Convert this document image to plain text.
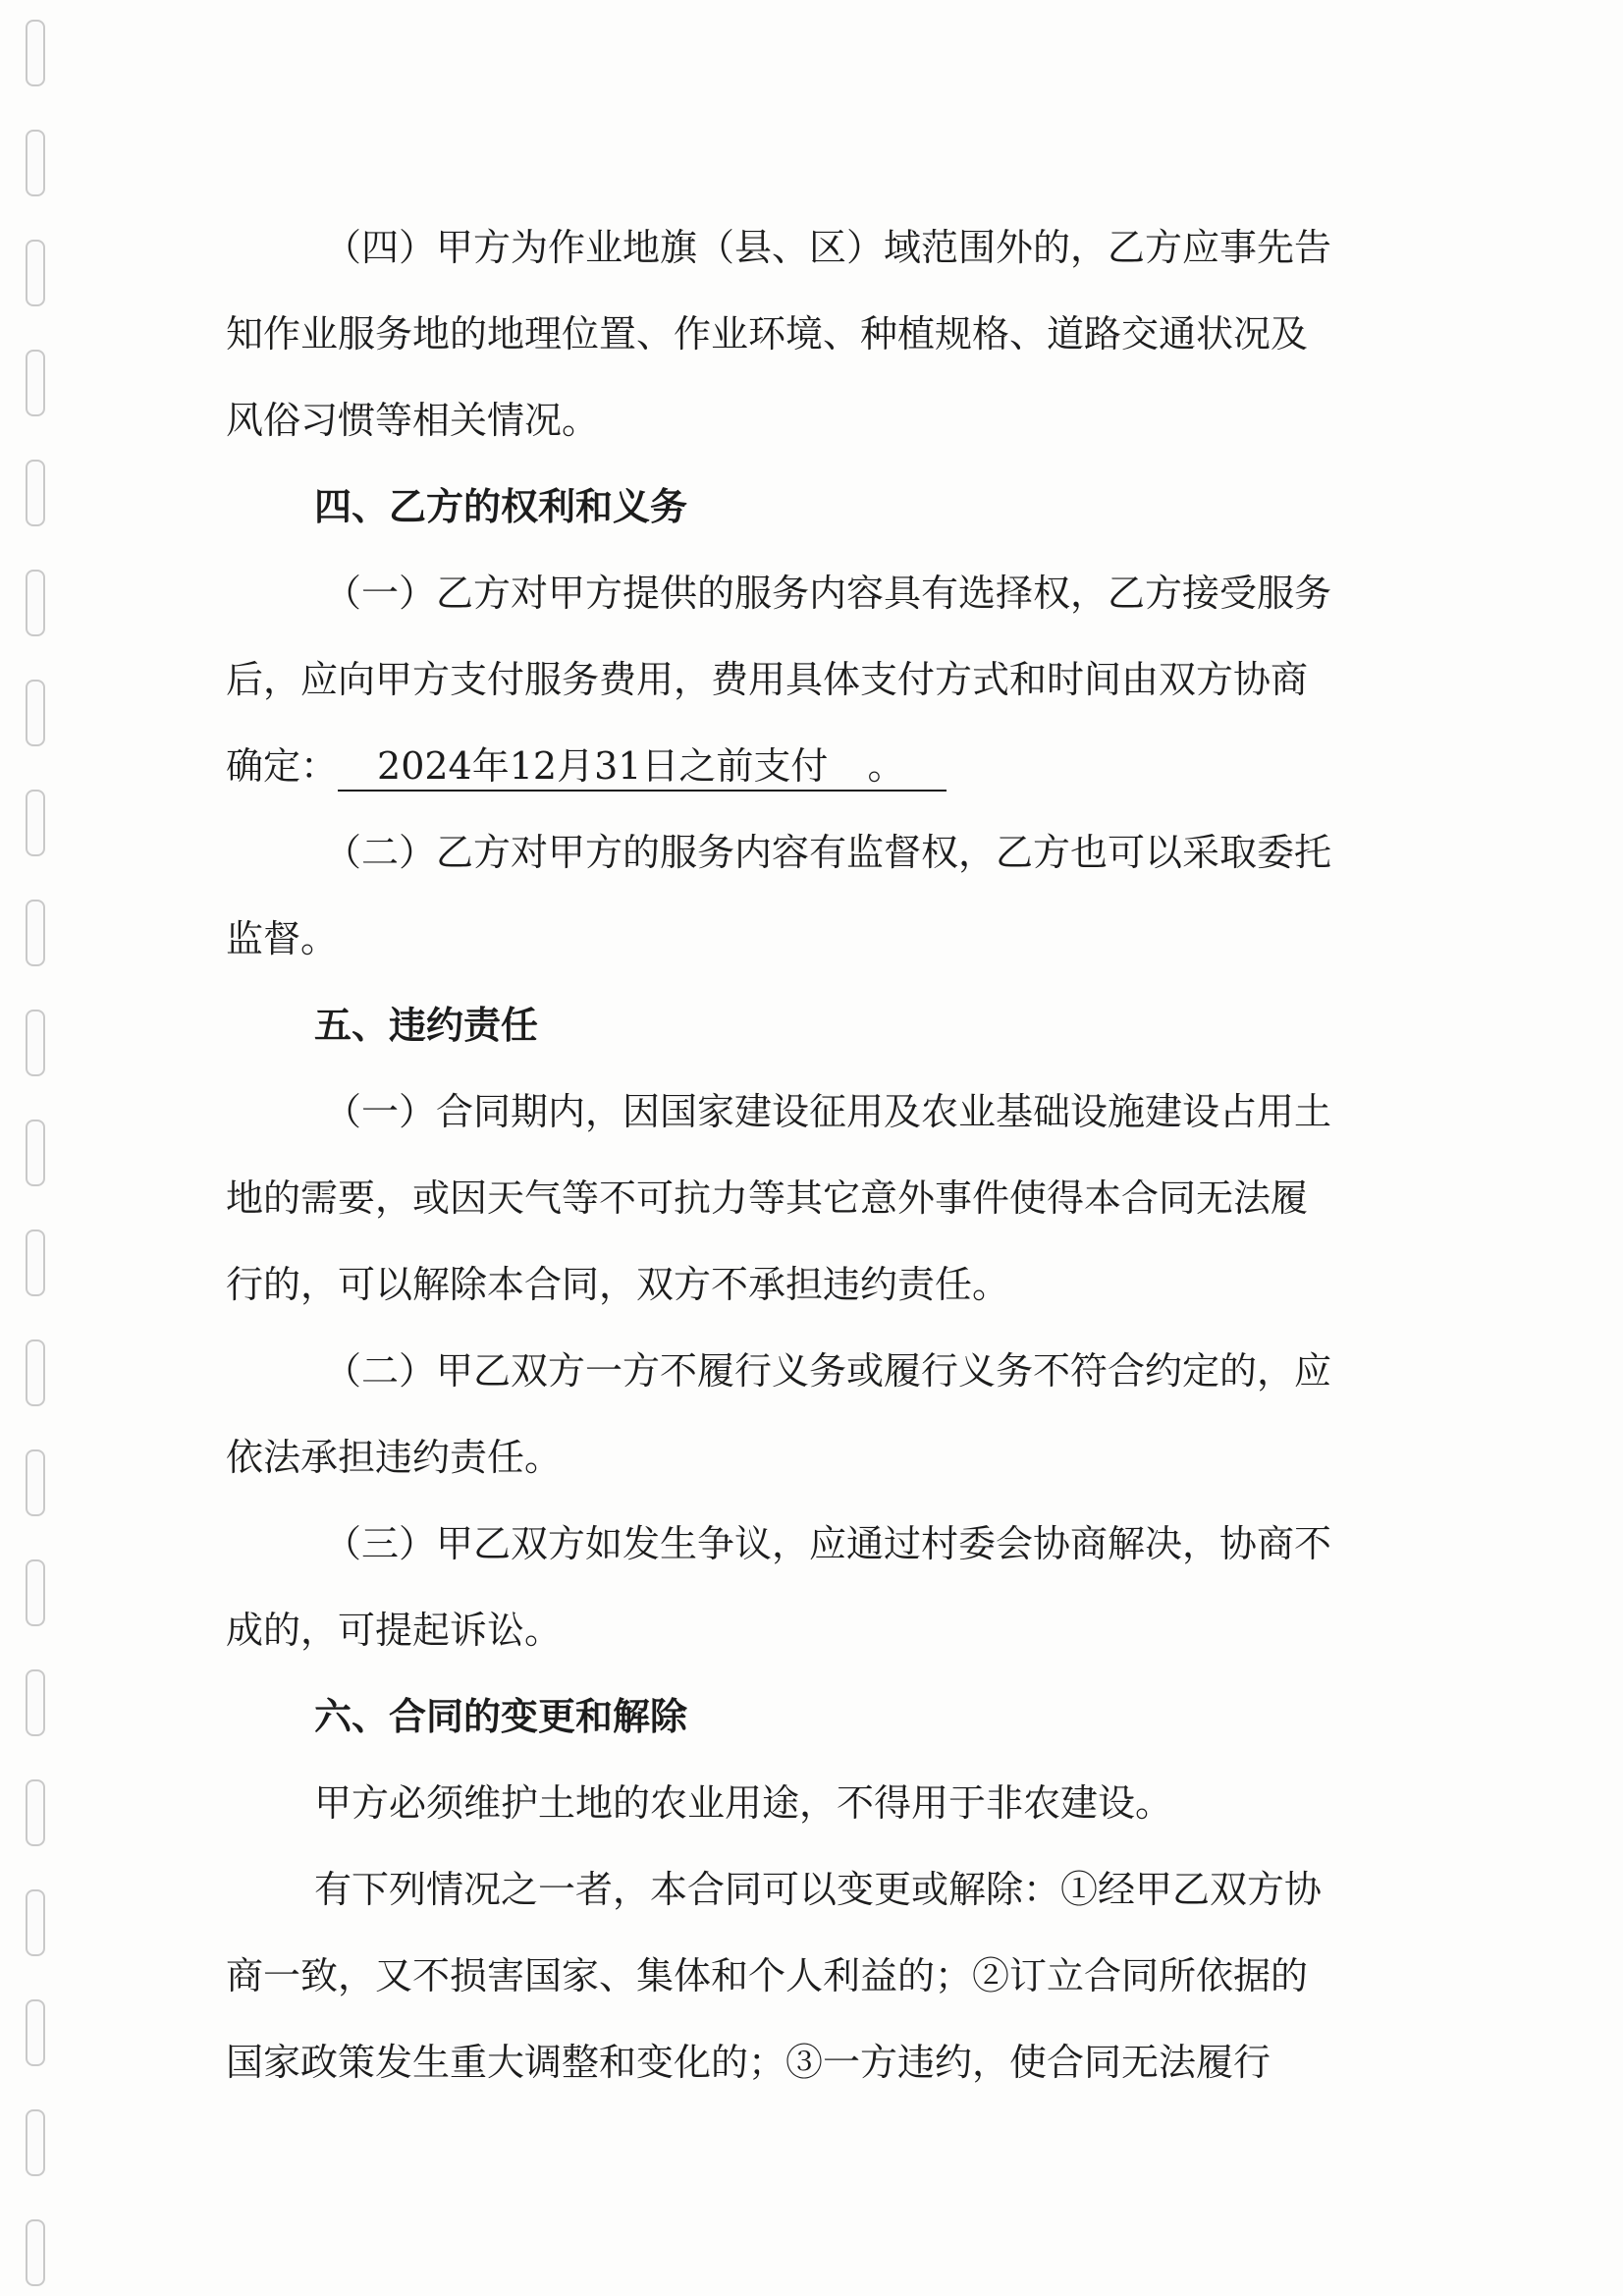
（四）甲方为作业地旗（县、区）域范围外的，乙方应事先告
知作业服务地的地理位置、作业环境、种植规格、道路交通状况及
风俗习惯等相关情况。
四、乙方的权利和义务
（一）乙方对甲方提供的服务内容具有选择权，乙方接受服务
后，应向甲方支付服务费用，费用具体支付方式和时间由双方协商
确定： 2024年12月31日之前支付 。
（二）乙方对甲方的服务内容有监督权，乙方也可以采取委托
监督。
五、违约责任
（一）合同期内，因国家建设征用及农业基础设施建设占用土
地的需要，或因天气等不可抗力等其它意外事件使得本合同无法履
行的，可以解除本合同，双方不承担违约责任。
（二）甲乙双方一方不履行义务或履行义务不符合约定的，应
依法承担违约责任。
（三）甲乙双方如发生争议，应通过村委会协商解决，协商不
成的，可提起诉讼。
六、合同的变更和解除
甲方必须维护土地的农业用途，不得用于非农建设。
有下列情况之一者，本合同可以变更或解除：①经甲乙双方协
商一致，又不损害国家、集体和个人利益的；②订立合同所依据的
国家政策发生重大调整和变化的；③一方违约，使合同无法履行
